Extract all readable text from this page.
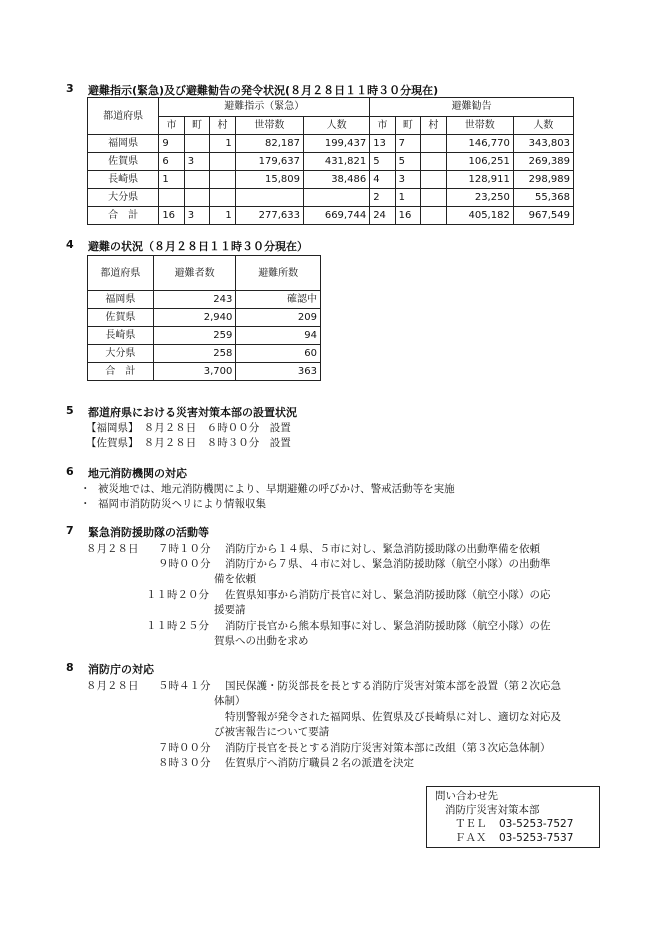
3 避難指示(緊急)及び避難勧告の発令状況(８月２８日１１時３０分現在)
都道府県	避難指示（緊急）					避難勧告				
	市	町	村	世帯数	人数	市	町	村	世帯数	人数
福岡県	9		1	82,187	199,437	13	7		146,770	343,803
佐賀県	6	3		179,637	431,821	5	5		106,251	269,389
長崎県	1			15,809	38,486	4	3		128,911	298,989
大分県						2	1		23,250	55,368
合　計	16	3	1	277,633	669,744	24	16		405,182	967,549
4 避難の状況（８月２８日１１時３０分現在）
都道府県	避難者数	避難所数
福岡県	243	確認中
佐賀県	2,940	209
長崎県	259	94
大分県	258	60
合　計	3,700	363
5 都道府県における災害対策本部の設置状況
【福岡県】　８月２８日　６時００分　設置
【佐賀県】　８月２８日　８時３０分　設置
6 地元消防機関の対応
・ 被災地では、地元消防機関により、早期避難の呼びかけ、警戒活動等を実施
・ 福岡市消防防災ヘリにより情報収集
7 緊急消防援助隊の活動等
８月２８日 ７時１０分 消防庁から１４県、５市に対し、緊急消防援助隊の出動準備を依頼
９時００分 消防庁から７県、４市に対し、緊急消防援助隊（航空小隊）の出動準
備を依頼
１１時２０分 佐賀県知事から消防庁長官に対し、緊急消防援助隊（航空小隊）の応
援要請
１１時２５分 消防庁長官から熊本県知事に対し、緊急消防援助隊（航空小隊）の佐
賀県への出動を求め
8 消防庁の対応
８月２８日 ５時４１分 国民保護・防災部長を長とする消防庁災害対策本部を設置（第２次応急
体制）
特別警報が発令された福岡県、佐賀県及び長崎県に対し、適切な対応及
び被害報告について要請
７時００分 消防庁長官を長とする消防庁災害対策本部に改組（第３次応急体制）
８時３０分 佐賀県庁へ消防庁職員２名の派遣を決定
問い合わせ先
消防庁災害対策本部
ＴＥＬ 03-5253-7527
ＦＡＸ 03-5253-7537
